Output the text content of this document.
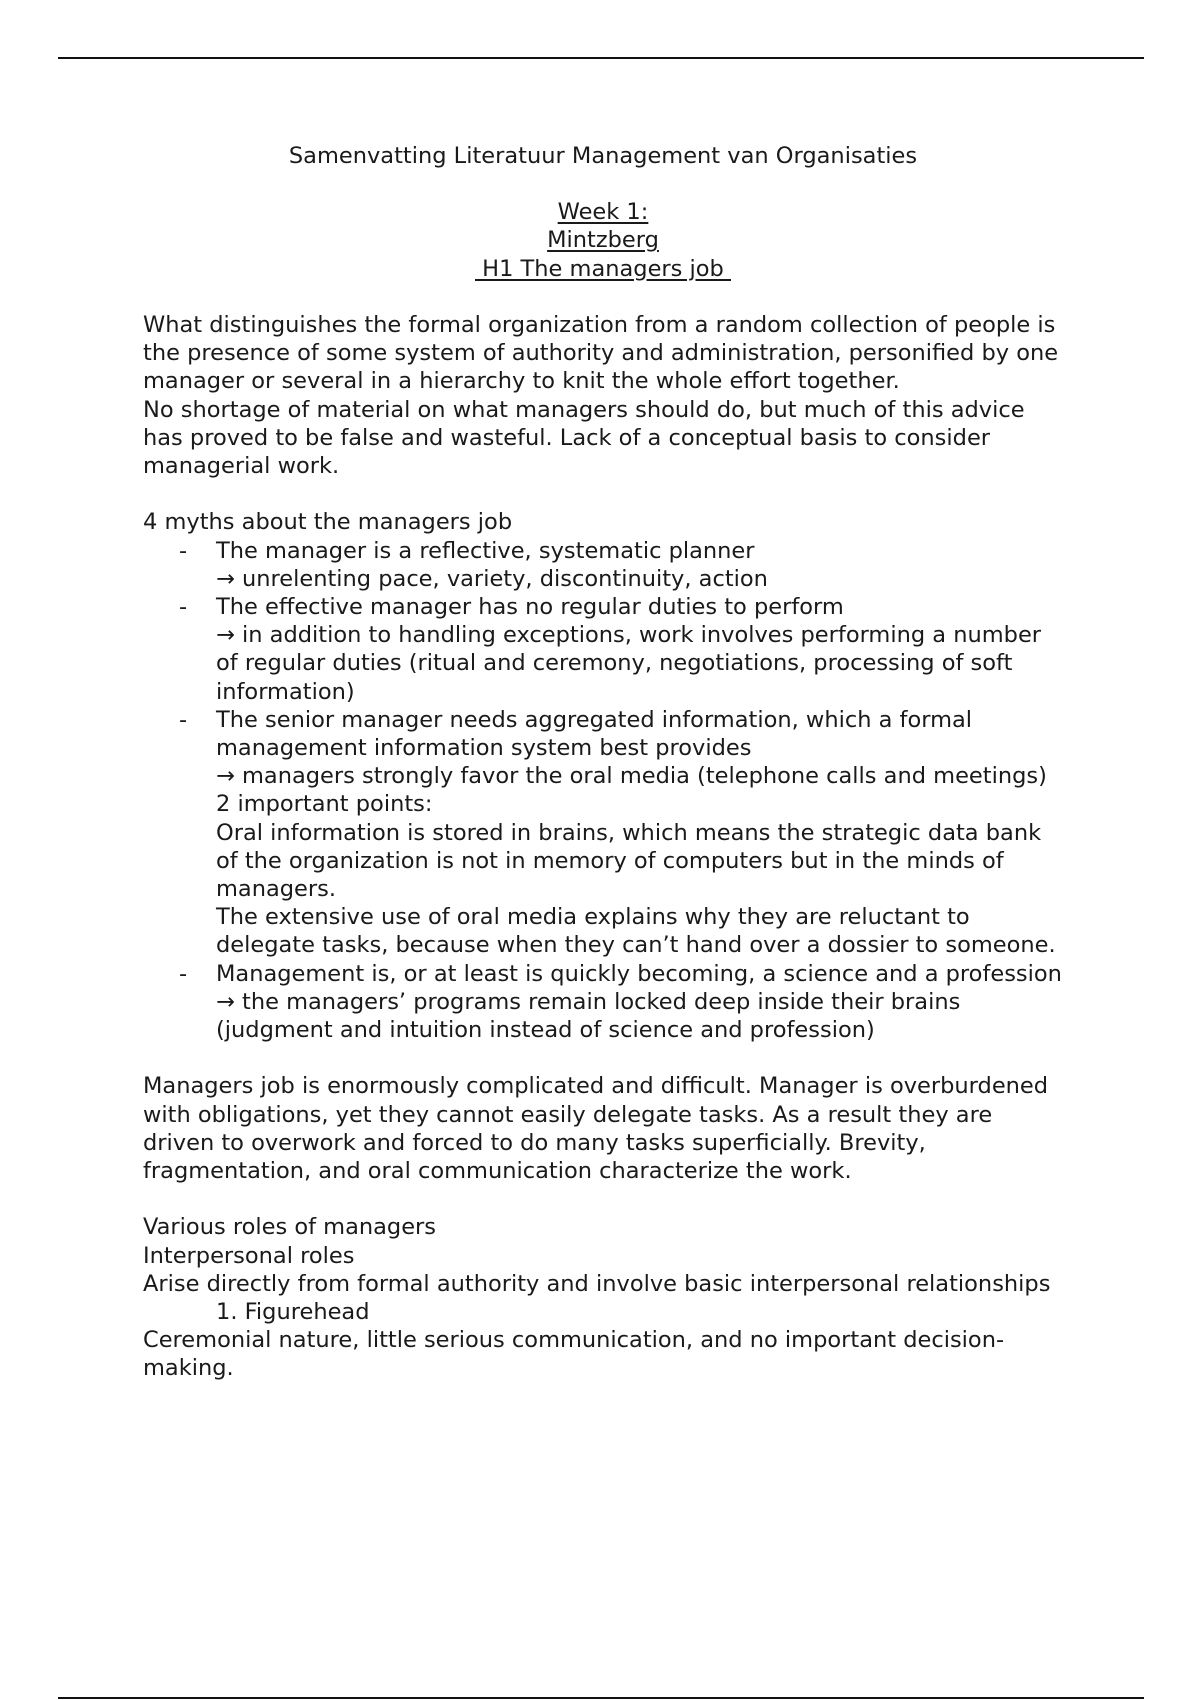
Samenvatting Literatuur Management van Organisaties
Week 1:
Mintzberg
H1 The managers job

What distinguishes the formal organization from a random collection of people is the presence of some system of authority and administration, personified by one manager or several in a hierarchy to knit the whole effort together.

No shortage of material on what managers should do, but much of this advice has proved to be false and wasteful. Lack of a conceptual basis to consider managerial work.

4 myths about the managers job
- The manager is a reflective, systematic planner
→ unrelenting pace, variety, discontinuity, action
- The effective manager has no regular duties to perform
→ in addition to handling exceptions, work involves performing a number of regular duties (ritual and ceremony, negotiations, processing of soft information)
- The senior manager needs aggregated information, which a formal management information system best provides
→ managers strongly favor the oral media (telephone calls and meetings)
2 important points:
Oral information is stored in brains, which means the strategic data bank of the organization is not in memory of computers but in the minds of managers.
The extensive use of oral media explains why they are reluctant to delegate tasks, because when they can’t hand over a dossier to someone.
- Management is, or at least is quickly becoming, a science and a profession
→ the managers’ programs remain locked deep inside their brains (judgment and intuition instead of science and profession)

Managers job is enormously complicated and difficult. Manager is overburdened with obligations, yet they cannot easily delegate tasks. As a result they are driven to overwork and forced to do many tasks superficially. Brevity, fragmentation, and oral communication characterize the work.

Various roles of managers
Interpersonal roles
Arise directly from formal authority and involve basic interpersonal relationships
1. Figurehead
Ceremonial nature, little serious communication, and no important decision-making.
